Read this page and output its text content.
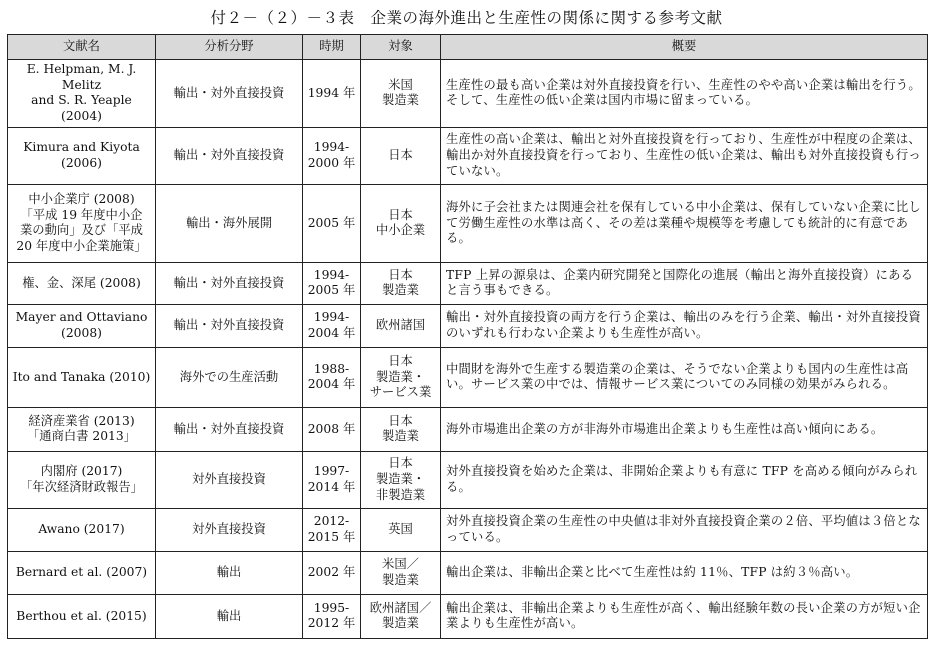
付２－（２）－３表　企業の海外進出と生産性の関係に関する参考文献
文献名	分析分野	時期	対象	概要

E. Helpman, M. J. Melitz
and S. R. Yeaple (2004)	輸出・対外直接投資	1994 年	米国
製造業	生産性の最も高い企業は対外直接投資を行い、生産性のやや高い企業は輸出を行う。そして、生産性の低い企業は国内市場に留まっている。

Kimura and Kiyota
(2006)	輸出・対外直接投資	1994-
2000 年	日本	生産性の高い企業は、輸出と対外直接投資を行っており、生産性が中程度の企業は、輸出か対外直接投資を行っており、生産性の低い企業は、輸出も対外直接投資も行っていない。

中小企業庁 (2008)
「平成 19 年度中小企
業の動向」及び「平成
20 年度中小企業施策」	輸出・海外展開	2005 年	日本
中小企業	海外に子会社または関連会社を保有している中小企業は、保有していない企業に比して労働生産性の水準は高く、その差は業種や規模等を考慮しても統計的に有意である。

権、金、深尾 (2008)	輸出・対外直接投資	1994-
2005 年	日本
製造業	TFP 上昇の源泉は、企業内研究開発と国際化の進展（輸出と海外直接投資）にあると言う事もできる。

Mayer and Ottaviano
(2008)	輸出・対外直接投資	1994-
2004 年	欧州諸国	輸出・対外直接投資の両方を行う企業は、輸出のみを行う企業、輸出・対外直接投資のいずれも行わない企業よりも生産性が高い。

Ito and Tanaka (2010)	海外での生産活動	1988-
2004 年	日本
製造業・
サービス業	中間財を海外で生産する製造業の企業は、そうでない企業よりも国内の生産性は高い。サービス業の中では、情報サービス業についてのみ同様の効果がみられる。

経済産業省 (2013)
「通商白書 2013」	輸出・対外直接投資	2008 年	日本
製造業	海外市場進出企業の方が非海外市場進出企業よりも生産性は高い傾向にある。

内閣府 (2017)
「年次経済財政報告」	対外直接投資	1997-
2014 年	日本
製造業・
非製造業	対外直接投資を始めた企業は、非開始企業よりも有意に TFP を高める傾向がみられる。

Awano (2017)	対外直接投資	2012-
2015 年	英国	対外直接投資企業の生産性の中央値は非対外直接投資企業の２倍、平均値は３倍となっている。

Bernard et al. (2007)	輸出	2002 年	米国／
製造業	輸出企業は、非輸出企業と比べて生産性は約 11％、TFP は約３％高い。

Berthou et al. (2015)	輸出	1995-
2012 年	欧州諸国／
製造業	輸出企業は、非輸出企業よりも生産性が高く、輸出経験年数の長い企業の方が短い企業よりも生産性が高い。
